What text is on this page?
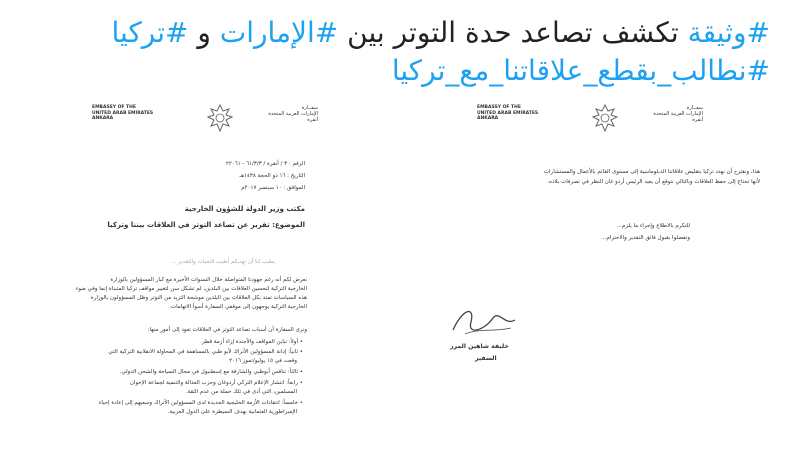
#وثيقة تكشف تصاعد حدة التوتر بين #الإمارات و #تركيا
#نطالب_بقطع_علاقاتنا_مع_تركيا
EMBASSY OF THE
UNITED ARAB EMIRATES
ANKARA
سفــارة
الإمارات العربية المتحدة
أنقرة
الرقم : ٣ / أنقرة / ٦١/٣/٣ - ٢٢٠٦١
التاريخ : ١٦ ذو الحجة ١٤٣٨هـ
الموافق : ١٠ سبتمبر ٢٠١٧م
مكتب وزير الدولة للشؤون الخارجية
الموضوع: تقرير عن تصاعد التوتر في العلاقات بيننا وتركيا
يطيب لنا أن نهديكم أطيب التحيات والتقدير ...
نعرض لكم أنه رغم جهودنا المتواصلة خلال السنوات الأخيرة مع كبار المسؤولين بالوزارة
الخارجية التركية لتحسين العلاقات بين البلدين، لم تشكل سن لتغيير مواقف تركيا المتبناة إنما وفي ضوء
هذه السياسات تمتد بكل العلاقات بين البلدين موشحة التزيد من التوتر وظل المسؤولون بالوزارة
الخارجية التركية يوجهون إلى موقفي السفارة أسوأ الاتهامات.
ونرى السفارة أن أسباب تصاعد التوتر في العلاقات تعود إلى أمور منها:
• أولاً: تباين المواقف والأجندة إزاء أزمة قطر.
• ثانياً: إدانة المسؤولين الأتراك لأبو ظبي بالمساهمة في المحاولة الانقلابية التركية التي
وقعت في ١٥ يوليو/تموز ٢٠١٦
• ثالثاً: تنافس أبوظبي والشارقة مع إسطنبول في مجال السياحة والشحن الدولي.
• رابعاً: انتشار الإعلام التركي أردوغان وحزب العدالة والتنمية لجماعة الإخوان
المسلمين، التي أدى في تلك حملة من عدم الثقة.
• خامساً: انتقادات الأزمة الخليجية الجديدة لدى المسؤولين الأتراك وسعيهم إلى إعادة إحياء
الإمبراطورية العثمانية بهدف السيطرة على الدول العربية.
EMBASSY OF THE
UNITED ARAB EMIRATES
ANKARA
سفــارة
الإمارات العربية المتحدة
أنقرة
هذا، ونقترح أن نهدد تركيا بتقليص علاقاتنا الدبلوماسية إلى مستوى القائم بالأعمال والمستشارات
لأنها تحتاج إلى حفظ العلاقات وبالتالي نتوقع أن يعيد الرئيس أردو غان النظر في تصرفات بلاده.
للتكرم بالاطلاع وإجراء ما يلزم...
وتفضلوا بقبول فائق التقدير والاحترام...
خليفة شاهين المرر
السفير
